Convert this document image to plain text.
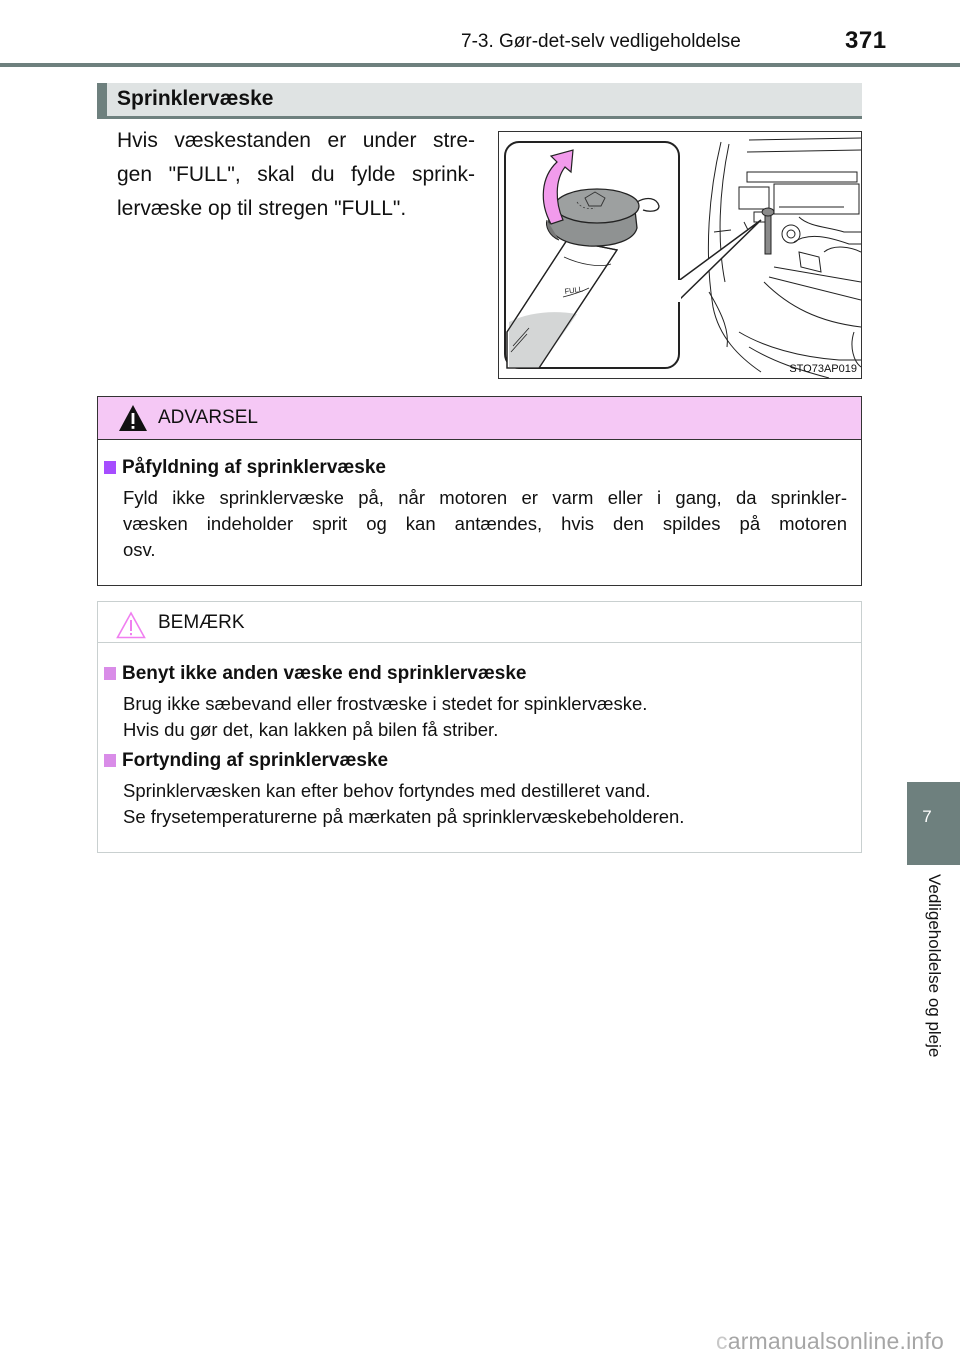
7-3. Gør-det-selv vedligeholdelse	371
Sprinklervæske
Hvis væskestanden er under stre-
gen "FULL", skal du fylde sprink-
lervæske op til stregen "FULL".
FULL
STO73AP019
ADVARSEL
Påfyldning af sprinklervæske
Fyld ikke sprinklervæske på, når motoren er varm eller i gang, da sprinkler-
væsken indeholder sprit og kan antændes, hvis den spildes på motoren
osv.
BEMÆRK
Benyt ikke anden væske end sprinklervæske
Brug ikke sæbevand eller frostvæske i stedet for spinklervæske.
Hvis du gør det, kan lakken på bilen få striber.
Fortynding af sprinklervæske
Sprinklervæsken kan efter behov fortyndes med destilleret vand.
Se frysetemperaturerne på mærkaten på sprinklervæskebeholderen.	7
Vedligeholdelse og pleje
carmanualsonline.info
